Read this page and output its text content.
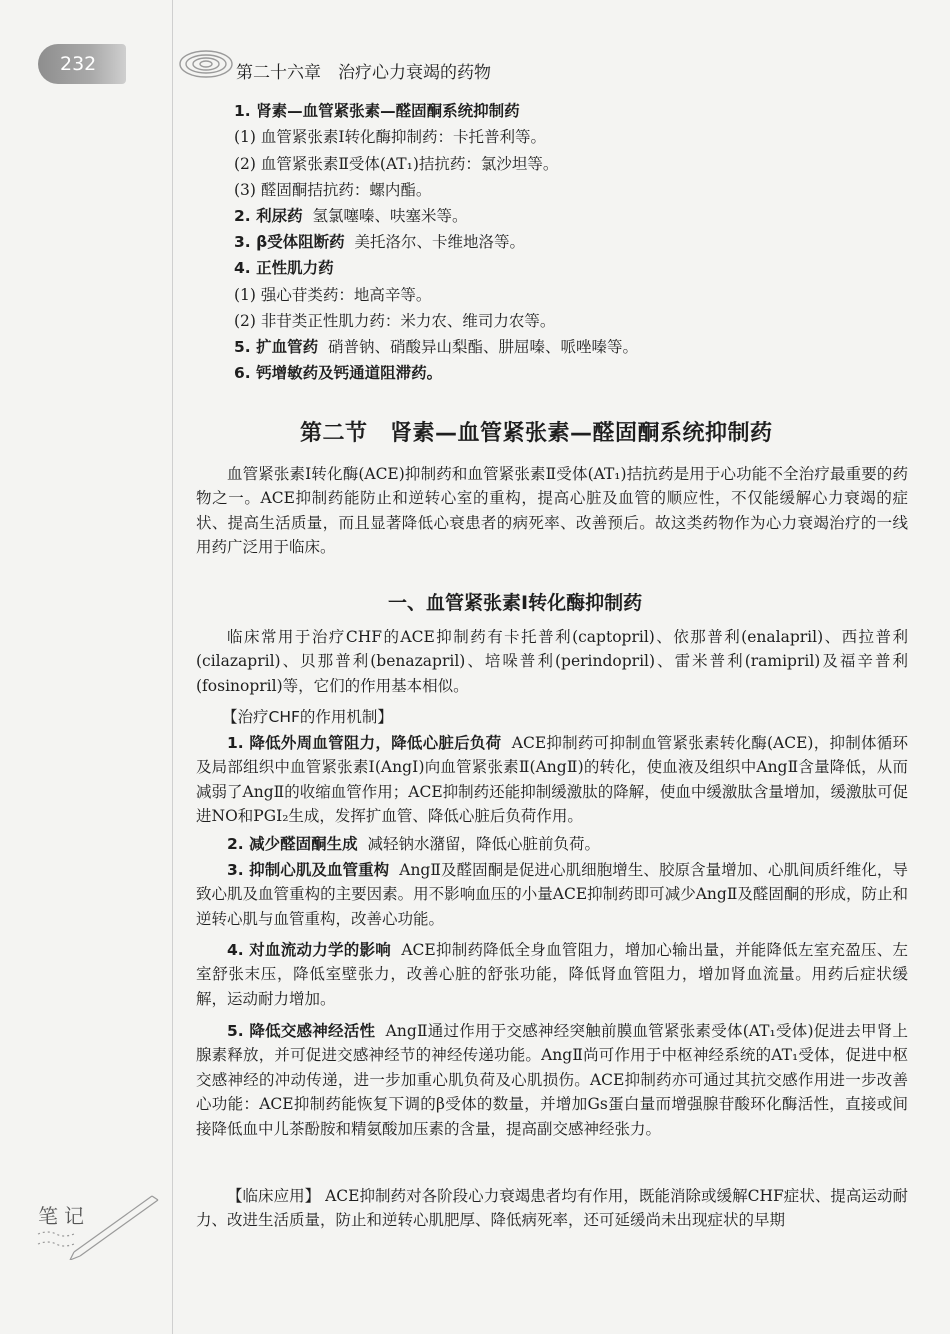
232	第二十六章　治疗心力衰竭的药物
1. 肾素—血管紧张素—醛固酮系统抑制药
(1) 血管紧张素Ⅰ转化酶抑制药：卡托普利等。
(2) 血管紧张素Ⅱ受体(AT₁)拮抗药：氯沙坦等。
(3) 醛固酮拮抗药：螺内酯。
2. 利尿药 氢氯噻嗪、呋塞米等。
3. β受体阻断药 美托洛尔、卡维地洛等。
4. 正性肌力药
(1) 强心苷类药：地高辛等。
(2) 非苷类正性肌力药：米力农、维司力农等。
5. 扩血管药 硝普钠、硝酸异山梨酯、肼屈嗪、哌唑嗪等。
6. 钙增敏药及钙通道阻滞药。
第二节　肾素—血管紧张素—醛固酮系统抑制药

血管紧张素Ⅰ转化酶(ACE)抑制药和血管紧张素Ⅱ受体(AT₁)拮抗药是用于心功能不全治疗最重要的药物之一。ACE抑制药能防止和逆转心室的重构，提高心脏及血管的顺应性，不仅能缓解心力衰竭的症状、提高生活质量，而且显著降低心衰患者的病死率、改善预后。故这类药物作为心力衰竭治疗的一线用药广泛用于临床。

一、血管紧张素Ⅰ转化酶抑制药

临床常用于治疗CHF的ACE抑制药有卡托普利(captopril)、依那普利(enalapril)、西拉普利(cilazapril)、贝那普利(benazapril)、培哚普利(perindopril)、雷米普利(ramipril)及福辛普利(fosinopril)等，它们的作用基本相似。

【治疗CHF的作用机制】

1. 降低外周血管阻力，降低心脏后负荷 ACE抑制药可抑制血管紧张素转化酶(ACE)，抑制体循环及局部组织中血管紧张素Ⅰ(AngⅠ)向血管紧张素Ⅱ(AngⅡ)的转化，使血液及组织中AngⅡ含量降低，从而减弱了AngⅡ的收缩血管作用；ACE抑制药还能抑制缓激肽的降解，使血中缓激肽含量增加，缓激肽可促进NO和PGI₂生成，发挥扩血管、降低心脏后负荷作用。

2. 减少醛固酮生成 减轻钠水潴留，降低心脏前负荷。

3. 抑制心肌及血管重构 AngⅡ及醛固酮是促进心肌细胞增生、胶原含量增加、心肌间质纤维化，导致心肌及血管重构的主要因素。用不影响血压的小量ACE抑制药即可减少AngⅡ及醛固酮的形成，防止和逆转心肌与血管重构，改善心功能。

4. 对血流动力学的影响 ACE抑制药降低全身血管阻力，增加心输出量，并能降低左室充盈压、左室舒张末压，降低室壁张力，改善心脏的舒张功能，降低肾血管阻力，增加肾血流量。用药后症状缓解，运动耐力增加。

5. 降低交感神经活性 AngⅡ通过作用于交感神经突触前膜血管紧张素受体(AT₁受体)促进去甲肾上腺素释放，并可促进交感神经节的神经传递功能。AngⅡ尚可作用于中枢神经系统的AT₁受体，促进中枢交感神经的冲动传递，进一步加重心肌负荷及心肌损伤。ACE抑制药亦可通过其抗交感作用进一步改善心功能：ACE抑制药能恢复下调的β受体的数量，并增加Gs蛋白量而增强腺苷酸环化酶活性，直接或间接降低血中儿茶酚胺和精氨酸加压素的含量，提高副交感神经张力。

【临床应用】 ACE抑制药对各阶段心力衰竭患者均有作用，既能消除或缓解CHF症状、提高运动耐力、改进生活质量，防止和逆转心肌肥厚、降低病死率，还可延缓尚未出现症状的早期

笔记
